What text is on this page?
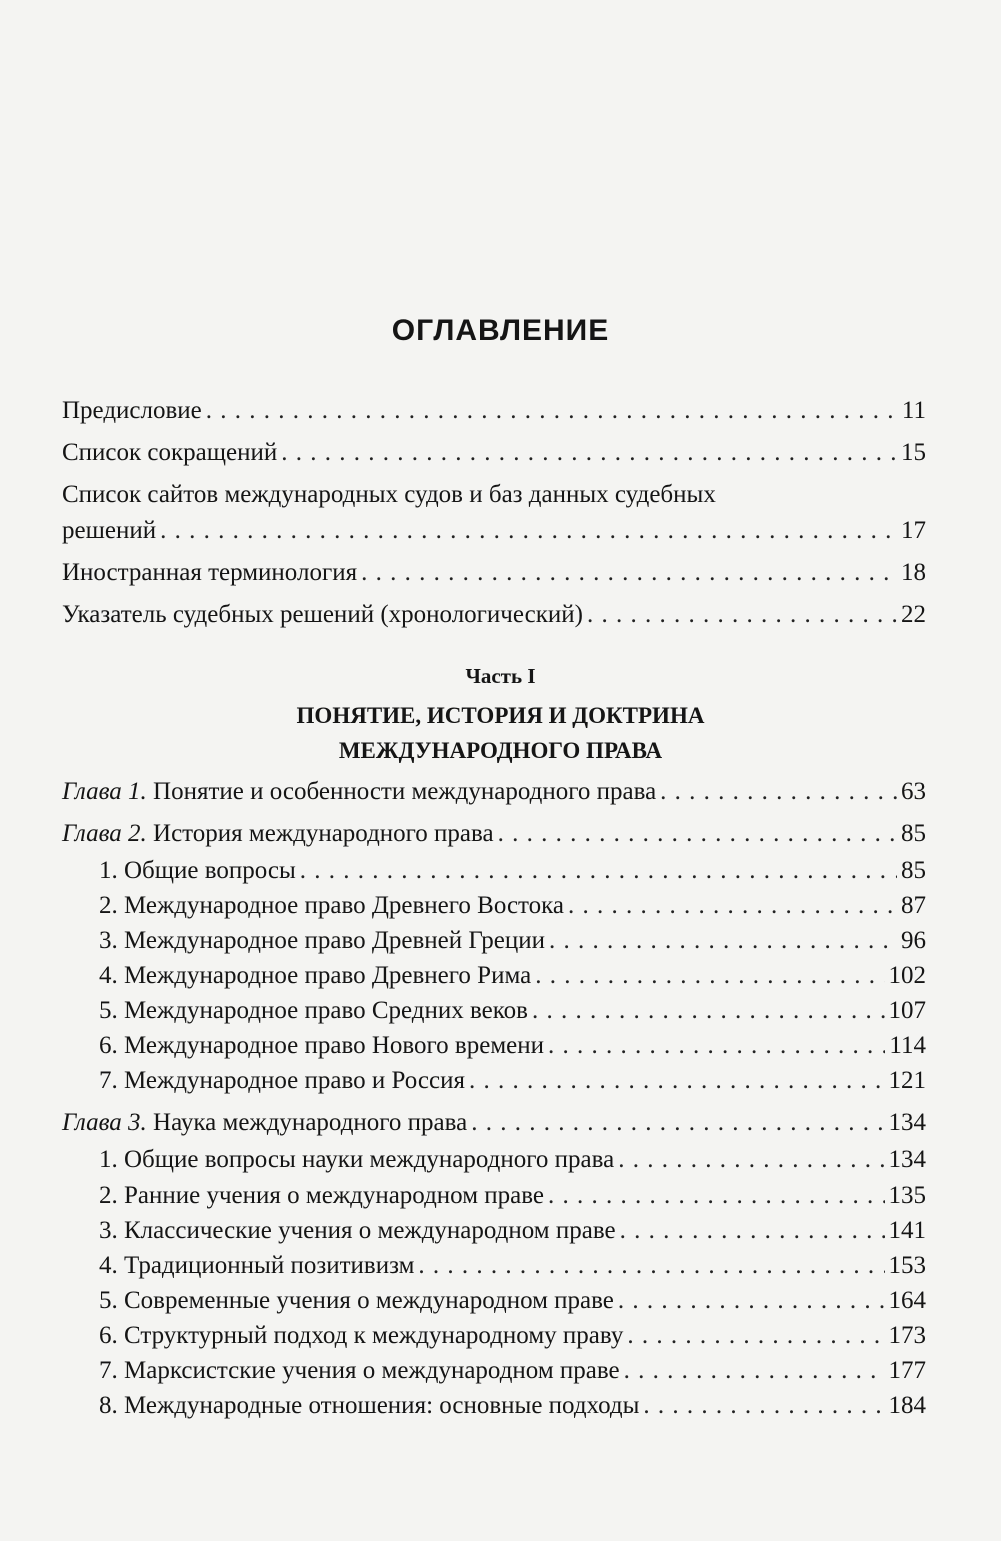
ОГЛАВЛЕНИЕ
Предисловие . . .	11
Список сокращений . . .	15
Список сайтов международных судов и баз данных судебных
решений . . .	17
Иностранная терминология . . .	18
Указатель судебных решений (хронологический) . . .	22
Часть I
ПОНЯТИЕ, ИСТОРИЯ И ДОКТРИНА
МЕЖДУНАРОДНОГО ПРАВА
Глава 1. Понятие и особенности международного права . . .	63
Глава 2. История международного права . . .	85
1. Общие вопросы . . .	85
2. Международное право Древнего Востока . . .	87
3. Международное право Древней Греции . . .	96
4. Международное право Древнего Рима . . .	102
5. Международное право Средних веков . . .	107
6. Международное право Нового времени . . .	114
7. Международное право и Россия . . .	121
Глава 3. Наука международного права . . .	134
1. Общие вопросы науки международного права . . .	134
2. Ранние учения о международном праве . . .	135
3. Классические учения о международном праве . . .	141
4. Традиционный позитивизм . . .	153
5. Современные учения о международном праве . . .	164
6. Структурный подход к международному праву . . .	173
7. Марксистские учения о международном праве . . .	177
8. Международные отношения: основные подходы . . .	184
